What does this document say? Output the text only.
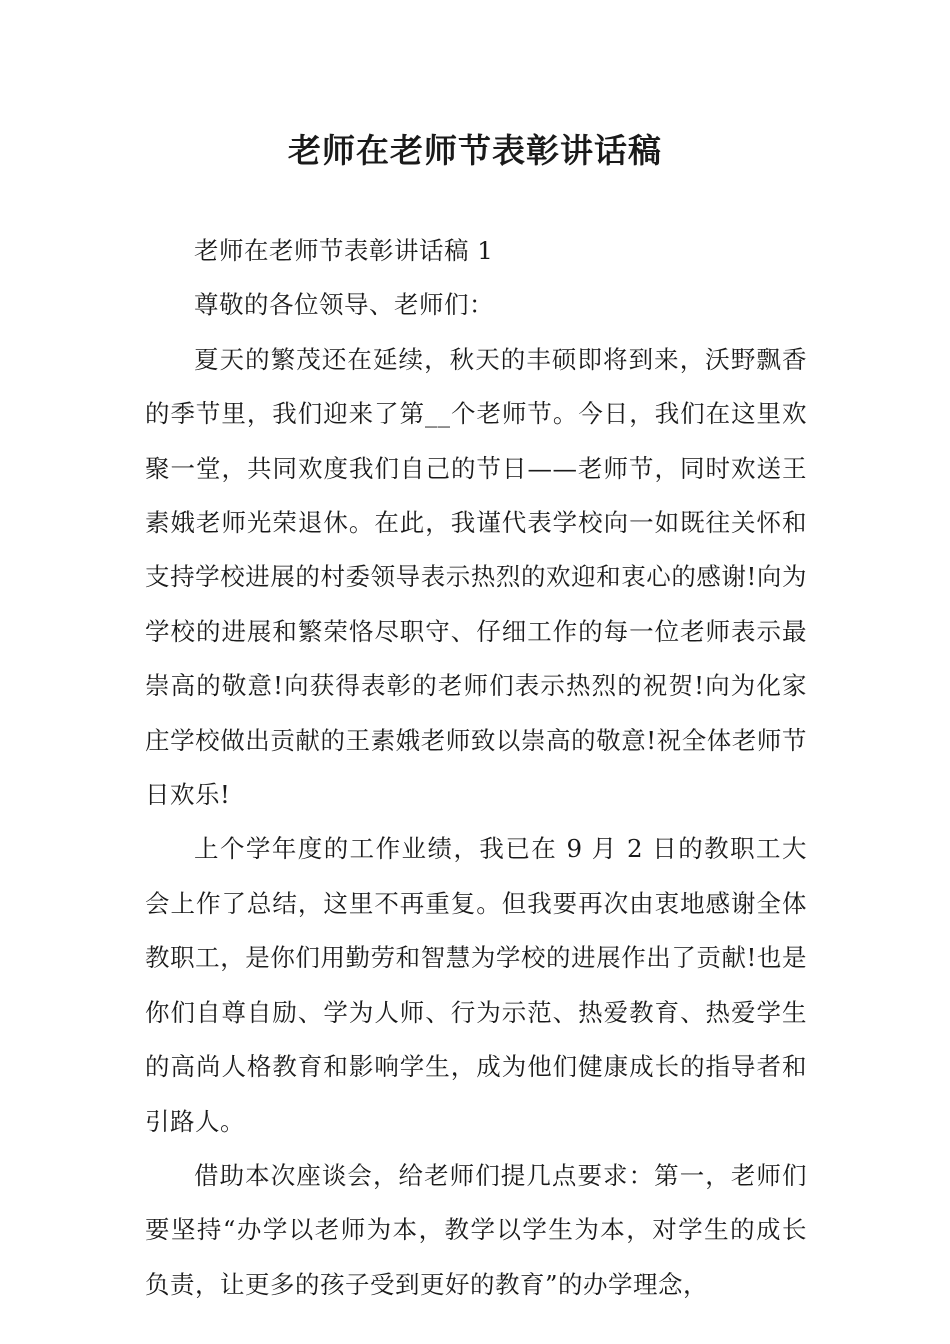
老师在老师节表彰讲话稿

老师在老师节表彰讲话稿 1

尊敬的各位领导、老师们：

夏天的繁茂还在延续，秋天的丰硕即将到来，沃野飘香的季节里，我们迎来了第__个老师节。今日，我们在这里欢聚一堂，共同欢度我们自己的节日——老师节，同时欢送王素娥老师光荣退休。在此，我谨代表学校向一如既往关怀和支持学校进展的村委领导表示热烈的欢迎和衷心的感谢!向为学校的进展和繁荣恪尽职守、仔细工作的每一位老师表示最崇高的敬意!向获得表彰的老师们表示热烈的祝贺!向为化家庄学校做出贡献的王素娥老师致以崇高的敬意!祝全体老师节日欢乐!

上个学年度的工作业绩，我已在 9 月 2 日的教职工大会上作了总结，这里不再重复。但我要再次由衷地感谢全体教职工，是你们用勤劳和智慧为学校的进展作出了贡献!也是你们自尊自励、学为人师、行为示范、热爱教育、热爱学生的高尚人格教育和影响学生，成为他们健康成长的指导者和引路人。

借助本次座谈会，给老师们提几点要求：第一，老师们要坚持“办学以老师为本，教学以学生为本，对学生的成长负责，让更多的孩子受到更好的教育”的办学理念，
